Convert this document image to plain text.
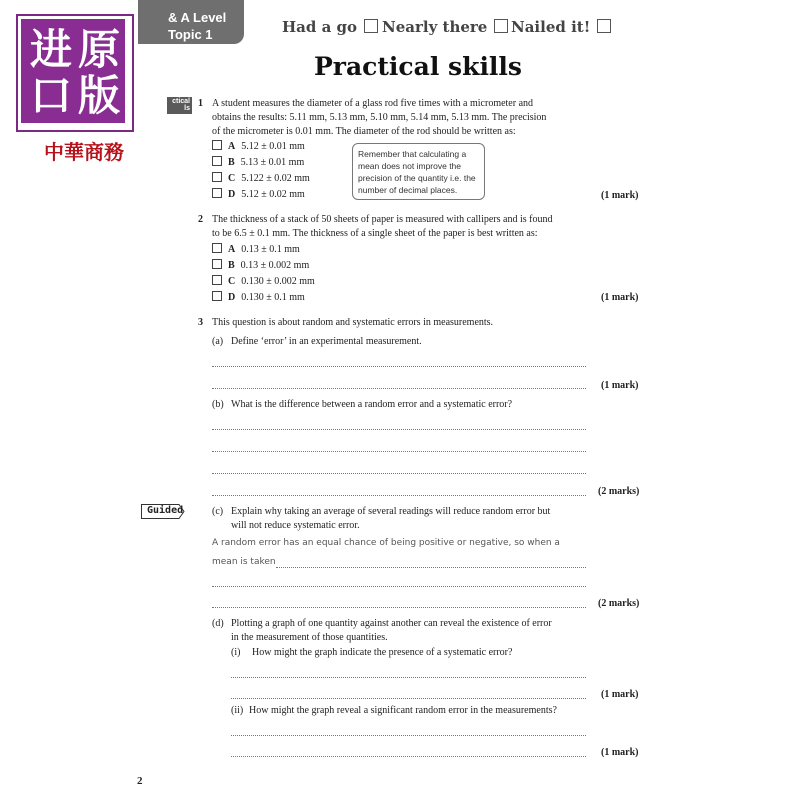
& A Level
Topic 1
进 原
口 版
中華商務
Had a go	Nearly there	Nailed it!
Practical skills
ctical
ls 1 A student measures the diameter of a glass rod five times with a micrometer and
obtains the results: 5.11 mm, 5.13 mm, 5.10 mm, 5.14 mm, 5.13 mm. The precision
of the micrometer is 0.01 mm. The diameter of the rod should be written as:
A 5.12 ± 0.01 mm
B 5.13 ± 0.01 mm
C 5.122 ± 0.02 mm
D 5.12 ± 0.02 mm
Remember that calculating a mean does not improve the precision of the quantity i.e. the number of decimal places.	(1 mark)
2 The thickness of a stack of 50 sheets of paper is measured with callipers and is found
to be 6.5 ± 0.1 mm. The thickness of a single sheet of the paper is best written as:
A 0.13 ± 0.1 mm
B 0.13 ± 0.002 mm
C 0.130 ± 0.002 mm
D 0.130 ± 0.1 mm	(1 mark)
3 This question is about random and systematic errors in measurements.
(a) Define ‘error’ in an experimental measurement.
(1 mark)
(b) What is the difference between a random error and a systematic error?
(2 marks)
Guided	(c) Explain why taking an average of several readings will reduce random error but
will not reduce systematic error.
A random error has an equal chance of being positive or negative, so when a
mean is taken
(2 marks)
(d) Plotting a graph of one quantity against another can reveal the existence of error
in the measurement of those quantities.
(i) How might the graph indicate the presence of a systematic error?
(1 mark)
(ii) How might the graph reveal a significant random error in the measurements?
(1 mark)
2
